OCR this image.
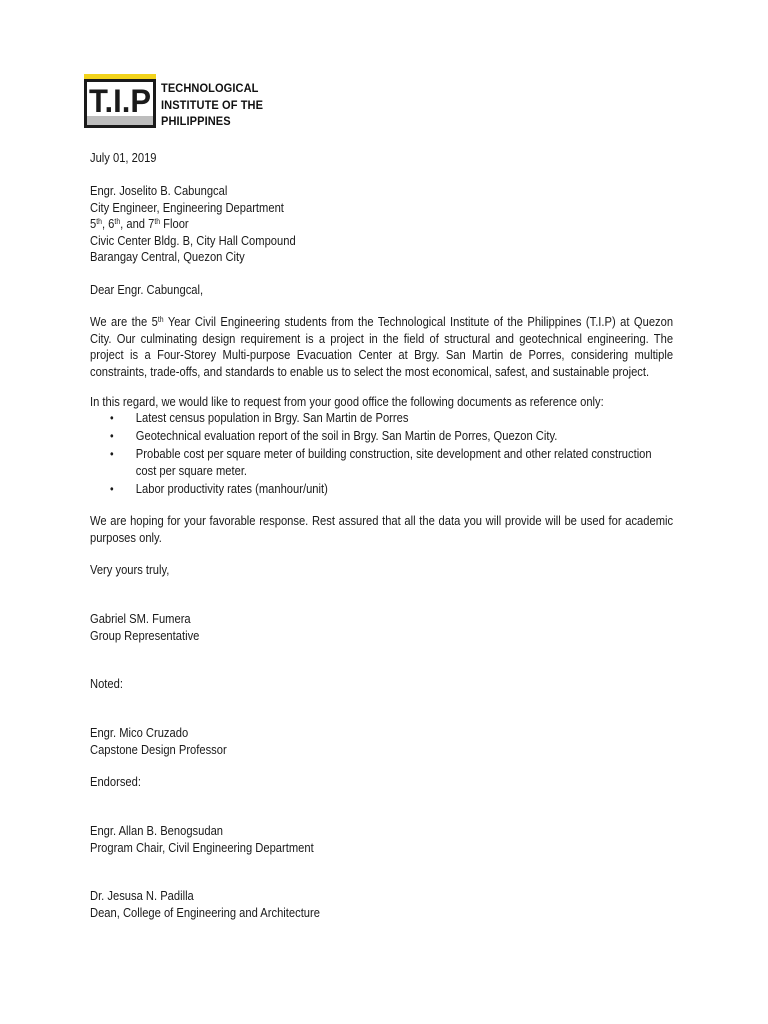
T.I.P TECHNOLOGICAL
INSTITUTE OF THE
PHILIPPINES
July 01, 2019
Engr. Joselito B. Cabungcal
City Engineer, Engineering Department
5th, 6th, and 7th Floor
Civic Center Bldg. B, City Hall Compound
Barangay Central, Quezon City
Dear Engr. Cabungcal,
We are the 5th Year Civil Engineering students from the Technological Institute of the Philippines (T.I.P) at Quezon City. Our culminating design requirement is a project in the field of structural and geotechnical engineering. The project is a Four-Storey Multi-purpose Evacuation Center at Brgy. San Martin de Porres, considering multiple constraints, trade-offs, and standards to enable us to select the most economical, safest, and sustainable project.
In this regard, we would like to request from your good office the following documents as reference only:
• Latest census population in Brgy. San Martin de Porres
• Geotechnical evaluation report of the soil in Brgy. San Martin de Porres, Quezon City.
• Probable cost per square meter of building construction, site development and other related construction cost per square meter.
• Labor productivity rates (manhour/unit)
We are hoping for your favorable response. Rest assured that all the data you will provide will be used for academic purposes only.
Very yours truly,
Gabriel SM. Fumera
Group Representative
Noted:
Engr. Mico Cruzado
Capstone Design Professor
Endorsed:
Engr. Allan B. Benogsudan
Program Chair, Civil Engineering Department
Dr. Jesusa N. Padilla
Dean, College of Engineering and Architecture
